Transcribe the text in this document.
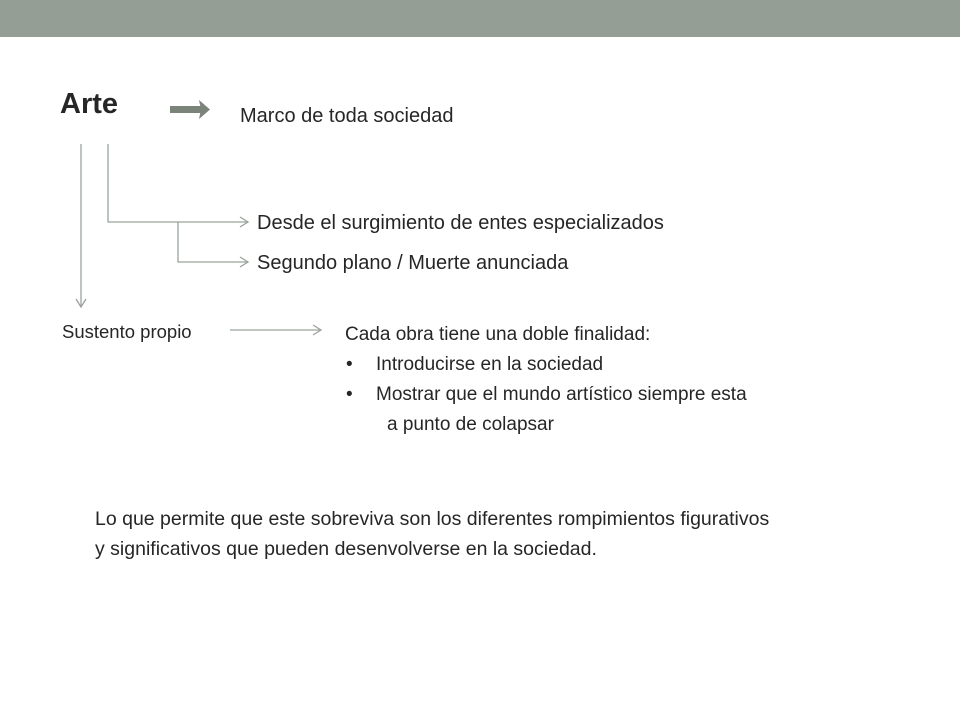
Arte	Marco de toda sociedad
Desde el surgimiento de entes especializados
Segundo plano / Muerte anunciada
Sustento propio	Cada obra tiene una doble finalidad:

• Introducirse en la sociedad
• Mostrar que el mundo artístico siempre esta

a punto de colapsar

Lo que permite que este sobreviva son los diferentes rompimientos figurativos
y significativos que pueden desenvolverse en la sociedad.
